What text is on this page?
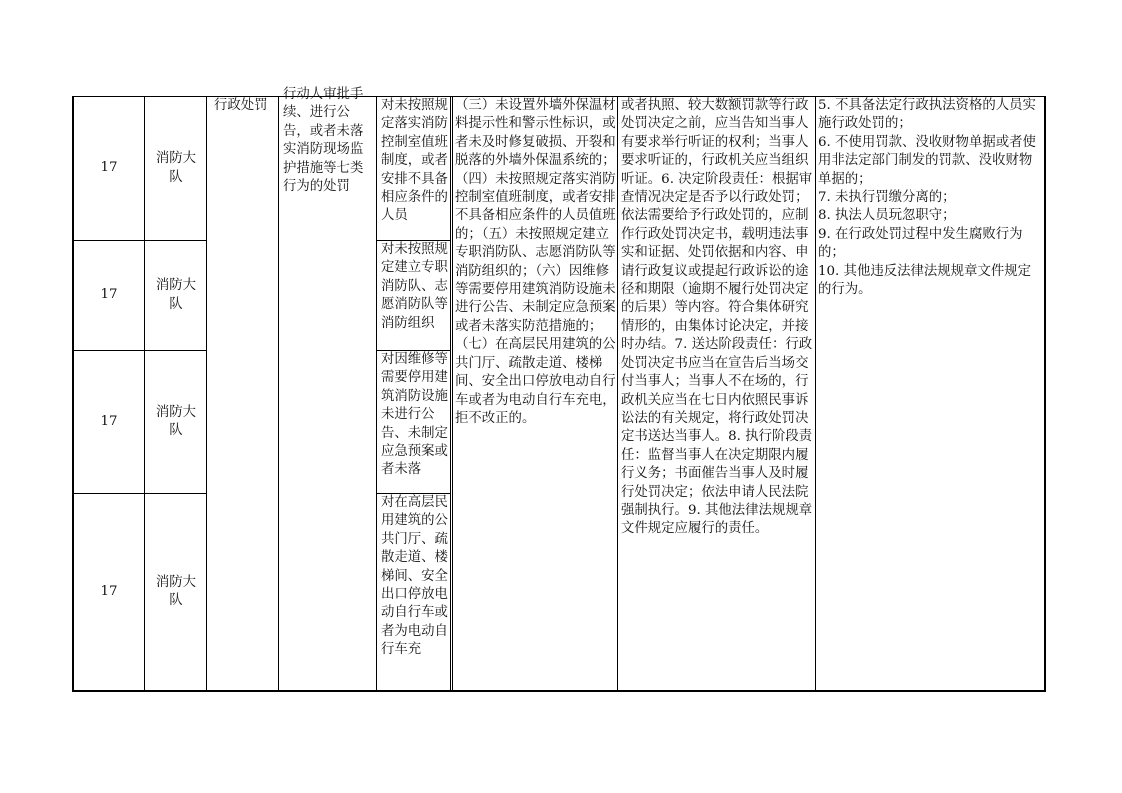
17
消防大队
对未按照规定落实消防控制室值班制度，或者安排不具备相应条件的人员
17
消防大队
对未按照规定建立专职消防队、志愿消防队等消防组织
17
消防大队
对因维修等需要停用建筑消防设施未进行公告、未制定应急预案或者未落
17
消防大队
对在高层民用建筑的公共门厅、疏散走道、楼梯间、安全出口停放电动自行车或者为电动自行车充
行政处罚
行动人审批手续、进行公告，或者未落实消防现场监护措施等七类行为的处罚
（三）未设置外墙外保温材料提示性和警示性标识，或者未及时修复破损、开裂和脱落的外墙外保温系统的；（四）未按照规定落实消防控制室值班制度，或者安排不具备相应条件的人员值班的；（五）未按照规定建立专职消防队、志愿消防队等消防组织的；（六）因维修等需要停用建筑消防设施未进行公告、未制定应急预案或者未落实防范措施的；（七）在高层民用建筑的公共门厅、疏散走道、楼梯间、安全出口停放电动自行车或者为电动自行车充电，拒不改正的。
或者执照、较大数额罚款等行政处罚决定之前，应当告知当事人有要求举行听证的权利；当事人要求听证的，行政机关应当组织听证。6. 决定阶段责任：根据审查情况决定是否予以行政处罚；依法需要给予行政处罚的，应制作行政处罚决定书，载明违法事实和证据、处罚依据和内容、申请行政复议或提起行政诉讼的途径和期限（逾期不履行处罚决定的后果）等内容。符合集体研究情形的，由集体讨论决定，并接时办结。7. 送达阶段责任：行政处罚决定书应当在宣告后当场交付当事人；当事人不在场的，行政机关应当在七日内依照民事诉讼法的有关规定，将行政处罚决定书送达当事人。8. 执行阶段责任：监督当事人在决定期限内履行义务；书面催告当事人及时履行处罚决定；依法申请人民法院强制执行。9. 其他法律法规规章文件规定应履行的责任。
5. 不具备法定行政执法资格的人员实施行政处罚的；
6. 不使用罚款、没收财物单据或者使用非法定部门制发的罚款、没收财物单据的；
7. 未执行罚缴分离的；
8. 执法人员玩忽职守；
9. 在行政处罚过程中发生腐败行为的；
10. 其他违反法律法规规章文件规定的行为。
